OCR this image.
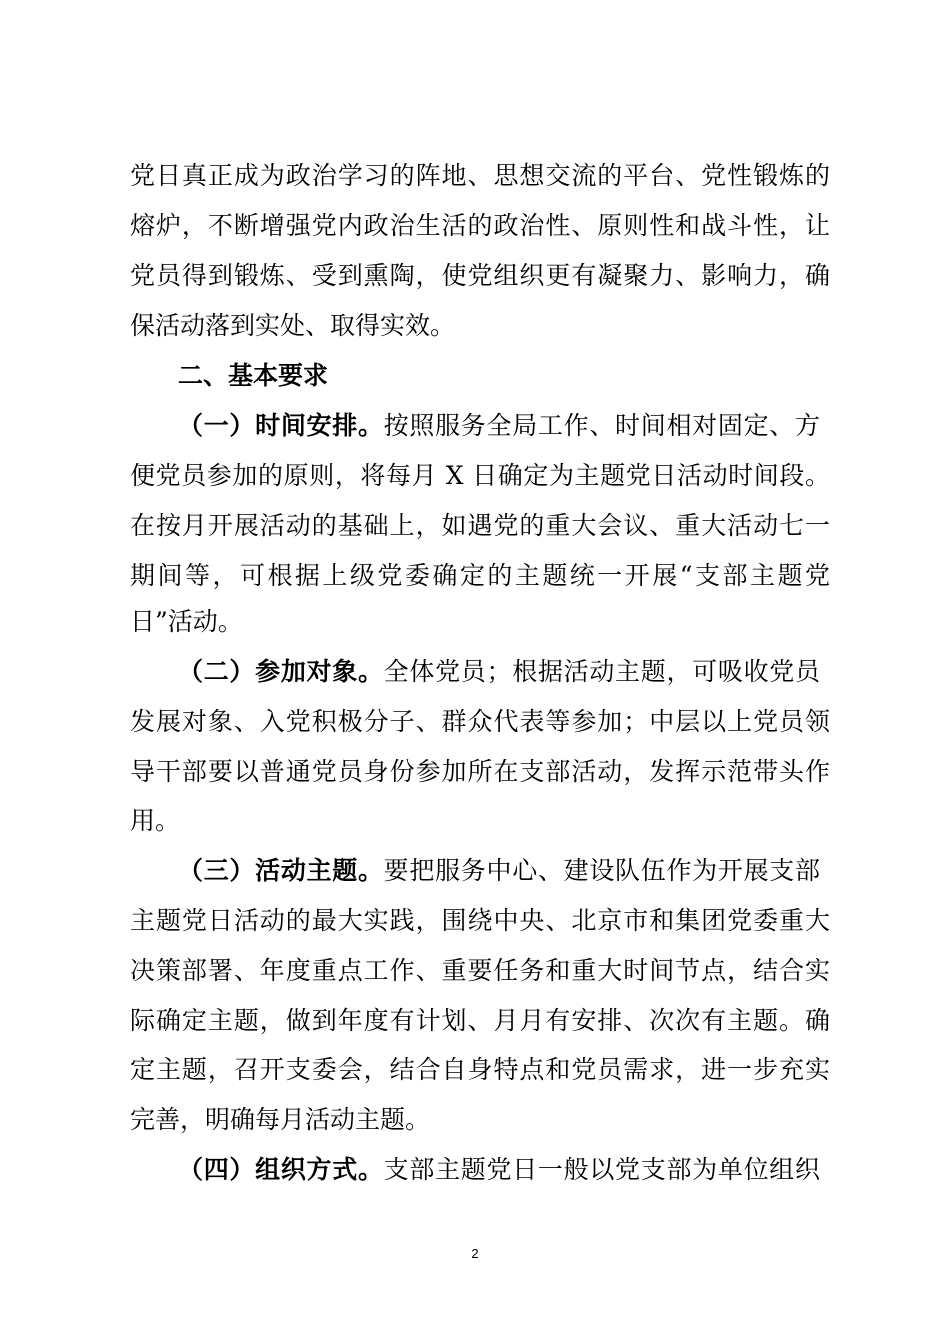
党日真正成为政治学习的阵地、思想交流的平台、党性锻炼的
熔炉，不断增强党内政治生活的政治性、原则性和战斗性，让
党员得到锻炼、受到熏陶，使党组织更有凝聚力、影响力，确
保活动落到实处、取得实效。
二、基本要求
（一）时间安排。按照服务全局工作、时间相对固定、方
便党员参加的原则，将每月 X 日确定为主题党日活动时间段。
在按月开展活动的基础上，如遇党的重大会议、重大活动七一
期间等，可根据上级党委确定的主题统一开展“支部主题党
日”活动。
（二）参加对象。全体党员；根据活动主题，可吸收党员
发展对象、入党积极分子、群众代表等参加；中层以上党员领
导干部要以普通党员身份参加所在支部活动，发挥示范带头作
用。
（三）活动主题。要把服务中心、建设队伍作为开展支部
主题党日活动的最大实践，围绕中央、北京市和集团党委重大
决策部署、年度重点工作、重要任务和重大时间节点，结合实
际确定主题，做到年度有计划、月月有安排、次次有主题。确
定主题，召开支委会，结合自身特点和党员需求，进一步充实
完善，明确每月活动主题。
（四）组织方式。支部主题党日一般以党支部为单位组织
2
